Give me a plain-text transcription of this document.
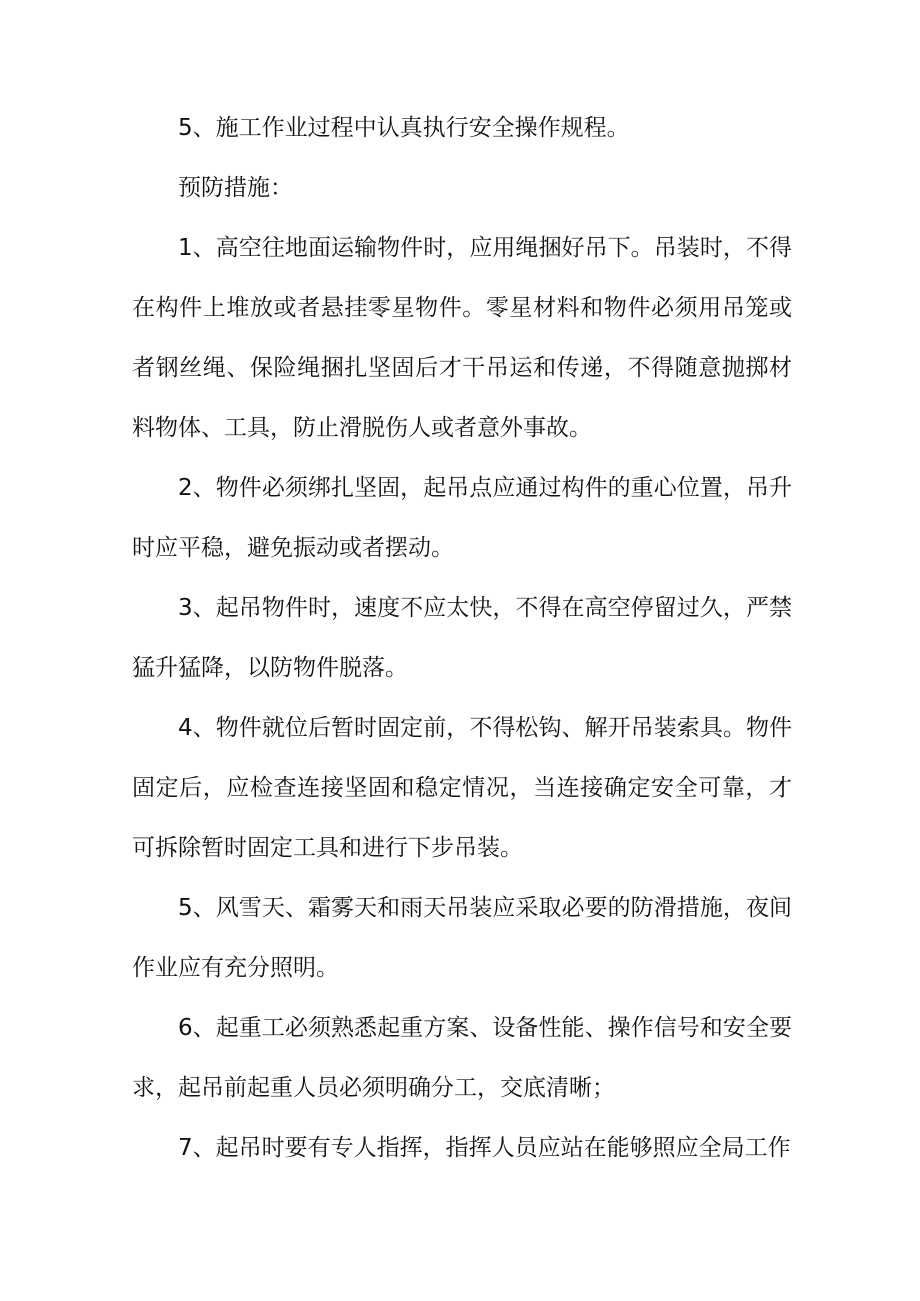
5、施工作业过程中认真执行安全操作规程。

预防措施：

1、高空往地面运输物件时，应用绳捆好吊下。吊装时，不得在构件上堆放或者悬挂零星物件。零星材料和物件必须用吊笼或者钢丝绳、保险绳捆扎坚固后才干吊运和传递，不得随意抛掷材料物体、工具，防止滑脱伤人或者意外事故。

2、物件必须绑扎坚固，起吊点应通过构件的重心位置，吊升时应平稳，避免振动或者摆动。

3、起吊物件时，速度不应太快，不得在高空停留过久，严禁猛升猛降，以防物件脱落。

4、物件就位后暂时固定前，不得松钩、解开吊装索具。物件固定后，应检查连接坚固和稳定情况，当连接确定安全可靠，才可拆除暂时固定工具和进行下步吊装。

5、风雪天、霜雾天和雨天吊装应采取必要的防滑措施，夜间作业应有充分照明。

6、起重工必须熟悉起重方案、设备性能、操作信号和安全要求，起吊前起重人员必须明确分工，交底清晰；

7、起吊时要有专人指挥，指挥人员应站在能够照应全局工作
